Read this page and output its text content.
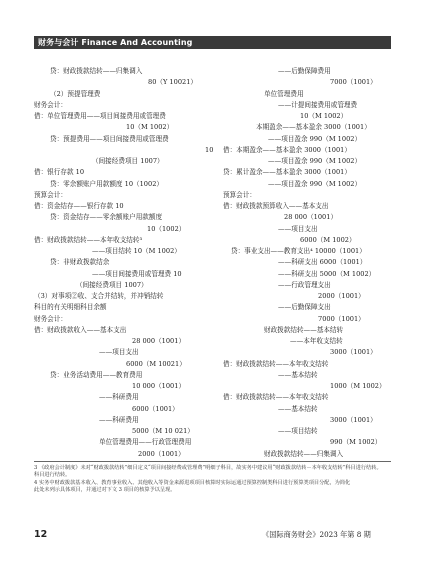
财务与会计 Finance And Accounting
贷：财政拨款结转——归集调入
80（Y 10021）
（2）预提管理费
财务会计：
借：单位管理费用——项目间接费用或管理费
10（M 1002）
贷：预提费用——项目间接费用或管理费
10
（间接经费项目 1007）
借：银行存款 10
贷：零余额账户用款额度 10（1002）
预算会计：
借：资金结存——银行存款 10
贷：资金结存——零余额账户用款额度
10（1002）
借：财政拨款结转——本年收支结转³
——项目结转 10（M 1002）
贷：非财政拨款结余
——项目间接费用或管理费 10
（间接经费项目 1007）
（3）对事项②收、支合并结转，并冲销结转
科目的有关明细科目余额
财务会计：
借：财政拨款收入——基本支出
28 000（1001）
——项目支出
6000（M 10021）
贷：业务活动费用——教育费用
10 000（1001）
——科研费用
6000（1001）
——科研费用
5000（M 10 021）
单位管理费用——行政管理费用
2000（1001）
——后勤保障费用
7000（1001）
单位管理费用
——计提间接费用或管理费
10（M 1002）
本期盈余——基本盈余 3000（1001）
——项目盈余 990（M 1002）
借：本期盈余——基本盈余 3000（1001）
——项目盈余 990（M 1002）
贷：累计盈余——基本盈余 3000（1001）
——项目盈余 990（M 1002）
预算会计：
借：财政拨款预算收入——基本支出
28 000（1001）
——项目支出
6000（M 1002）
贷：事业支出——教育支出⁴ 10000（1001）
——科研支出 6000（1001）
——科研支出 5000（M 1002）
——行政管理支出
2000（1001）
——后勤保障支出
7000（1001）
财政拨款结转——基本结转
——本年收支结转
3000（1001）
借：财政拨款结转——本年收支结转
——基本结转
1000（M 1002）
借：财政拨款结转——本年收支结转
——基本结转
3000（1001）
——项目结转
990（M 1002）
财政拨款结转——归集调入
3 《政府会计制度》未对“财政拨款结转”细目定义“项目间接经费或管理费”明细子科目，故实务中建议用“财政拨款结转－本年收支结转”科目进行结转。
科目进行结转。
4 实务中财政拨款基本收入、教育事业收入、其他收入等资金来源进项项目核算时实际运通过预算控制类科目进行预算类项目分配，为简化
此处未列示具体项目，并通过对下文 3 项目的核算予以呈现。
12	《国际商务财会》2023 年第 8 期
